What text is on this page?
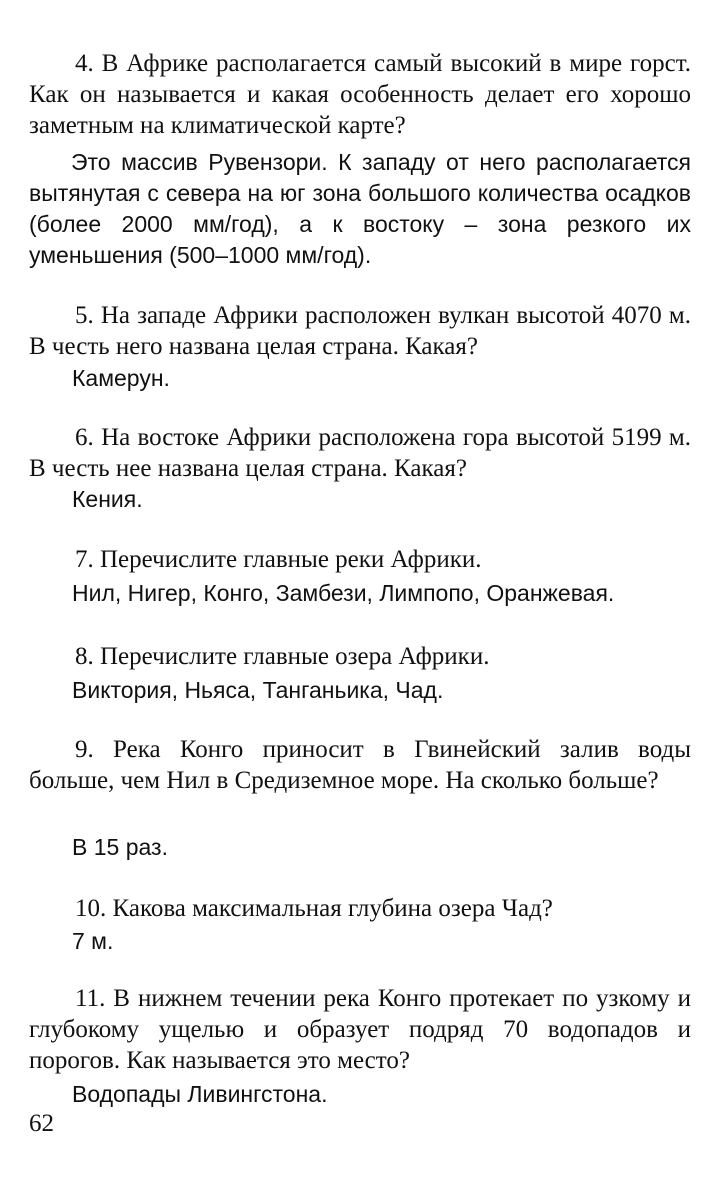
4. В Африке располагается самый высокий в мире горст. Как он называется и какая особенность делает его хорошо заметным на климатической карте?

Это массив Рувензори. К западу от него располагается вытянутая с севера на юг зона большого количества осадков (более 2000 мм/год), а к востоку – зона резкого их уменьшения (500–1000 мм/год).

5. На западе Африки расположен вулкан высотой 4070 м. В честь него названа целая страна. Какая?

Камерун.

6. На востоке Африки расположена гора высотой 5199 м. В честь нее названа целая страна. Какая?

Кения.

7. Перечислите главные реки Африки.

Нил, Нигер, Конго, Замбези, Лимпопо, Оранжевая.

8. Перечислите главные озера Африки.

Виктория, Ньяса, Танганьика, Чад.

9. Река Конго приносит в Гвинейский залив воды больше, чем Нил в Средиземное море. На сколько больше?

В 15 раз.

10. Какова максимальная глубина озера Чад?

7 м.

11. В нижнем течении река Конго протекает по узкому и глубокому ущелью и образует подряд 70 водопадов и порогов. Как называется это место?

Водопады Ливингстона.

62
